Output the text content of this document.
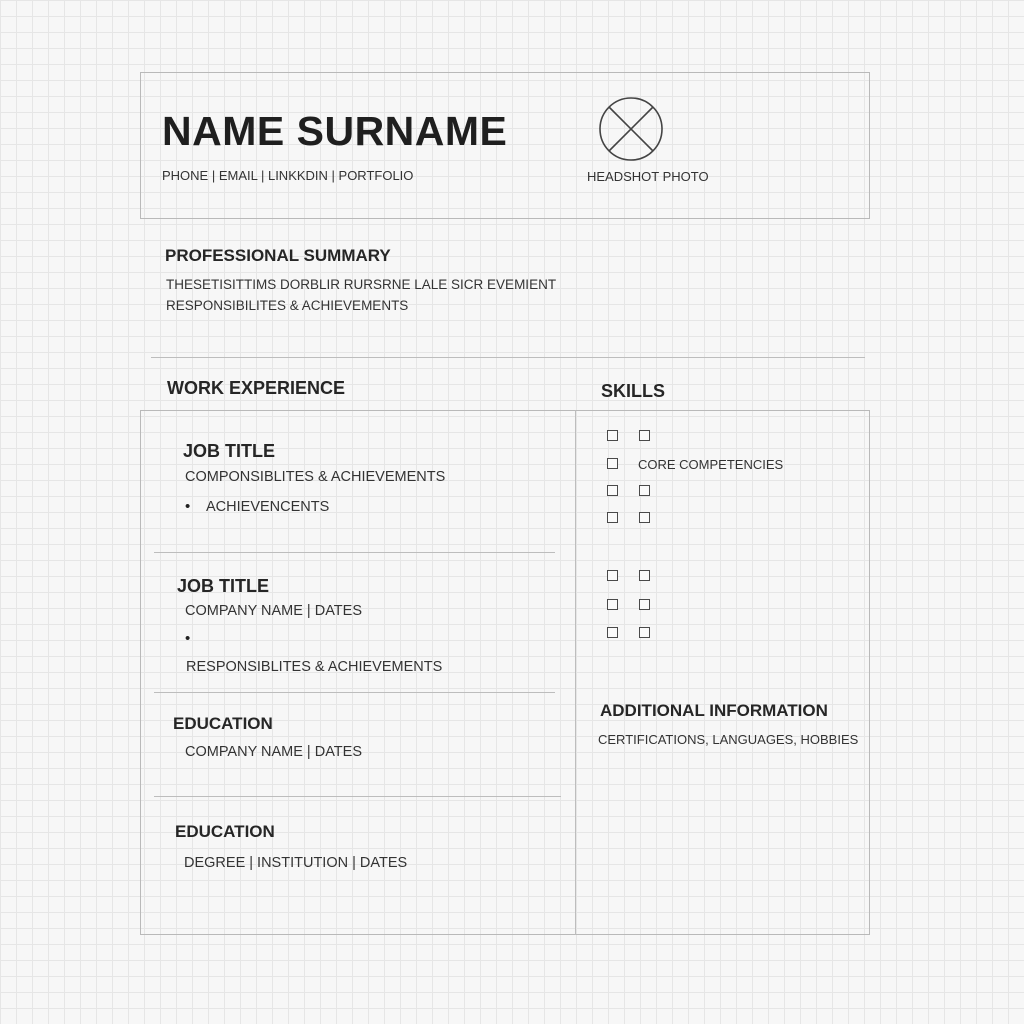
NAME SURNAME
PHONE | EMAIL | LINKKDIN | PORTFOLIO	HEADSHOT PHOTO
PROFESSIONAL SUMMARY
THESETISITTIMS DORBLIR RURSRNE LALE SICR EVEMIENT
RESPONSIBILITES & ACHIEVEMENTS
WORK EXPERIENCE	SKILLS
JOB TITLE
COMPONSIBLITES & ACHIEVEMENTS
• ACHIEVENCENTS
JOB TITLE
COMPANY NAME | DATES
•
RESPONSIBLITES & ACHIEVEMENTS
EDUCATION
COMPANY NAME | DATES
EDUCATION
DEGREE | INSTITUTION | DATES
CORE COMPETENCIES
ADDITIONAL INFORMATION
CERTIFICATIONS, LANGUAGES, HOBBIES
